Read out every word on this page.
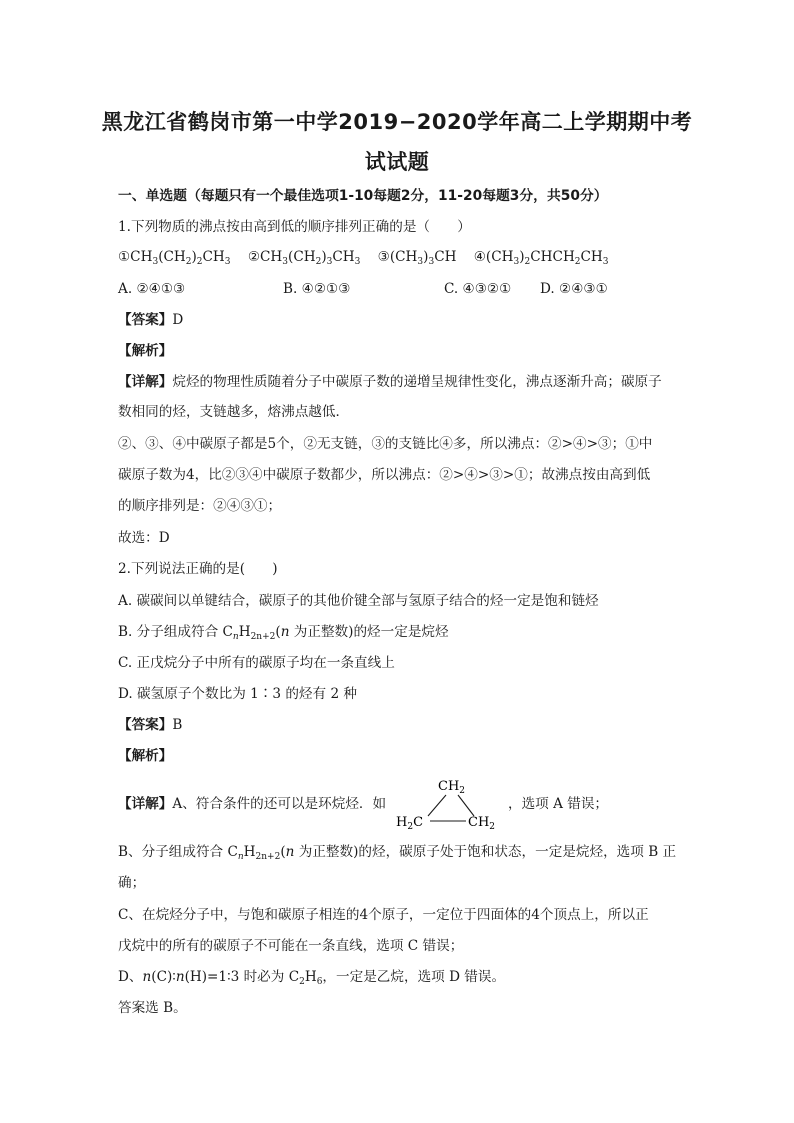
黑龙江省鹤岗市第一中学2019−2020学年高二上学期期中考
试试题
一、单选题（每题只有一个最佳选项1-10每题2分，11-20每题3分，共50分）
1.下列物质的沸点按由高到低的顺序排列正确的是（　　）
$①CH_3(CH_2)_2CH_3$ $②CH_3(CH_2)_3CH_3$ $③(CH_3)_3CH$ $④(CH_3)_2CHCH_2CH_3$
A. ②④①③	B. ④②①③	C. ④③②① D. ②④③①
【答案】D
【解析】
【详解】烷烃的物理性质随着分子中碳原子数的递增呈规律性变化，沸点逐渐升高；碳原子
数相同的烃，支链越多，熔沸点越低．
②、③、④中碳原子都是5个，②无支链，③的支链比④多，所以沸点：②>④>③；①中
碳原子数为4，比②③④中碳原子数都少，所以沸点：②>④>③>①；故沸点按由高到低
的顺序排列是：②④③①；
故选：D
2.下列说法正确的是(　　)
A. 碳碳间以单键结合，碳原子的其他价键全部与氢原子结合的烃一定是饱和链烃
B. 分子组成符合 $C_nH_{2n+2}(n$ 为正整数)的烃一定是烷烃
C. 正戊烷分子中所有的碳原子均在一条直线上
D. 碳氢原子个数比为 1∶3 的烃有 2 种
【答案】B
【解析】
【详解】A、符合条件的还可以是环烷烃．如
$CH_2$
$H_2C$	$CH_2$
，选项 A 错误；
B、分子组成符合 $C_nH_{2n+2}(n$ 为正整数)的烃，碳原子处于饱和状态，一定是烷烃，选项 B 正
确；
C、在烷烃分子中，与饱和碳原子相连的4个原子，一定位于四面体的4个顶点上，所以正
戊烷中的所有的碳原子不可能在一条直线，选项 C 错误；
D、n(C)∶n(H)=1∶3 时必为 $C_2H_6$，一定是乙烷，选项 D 错误。
答案选 B。
